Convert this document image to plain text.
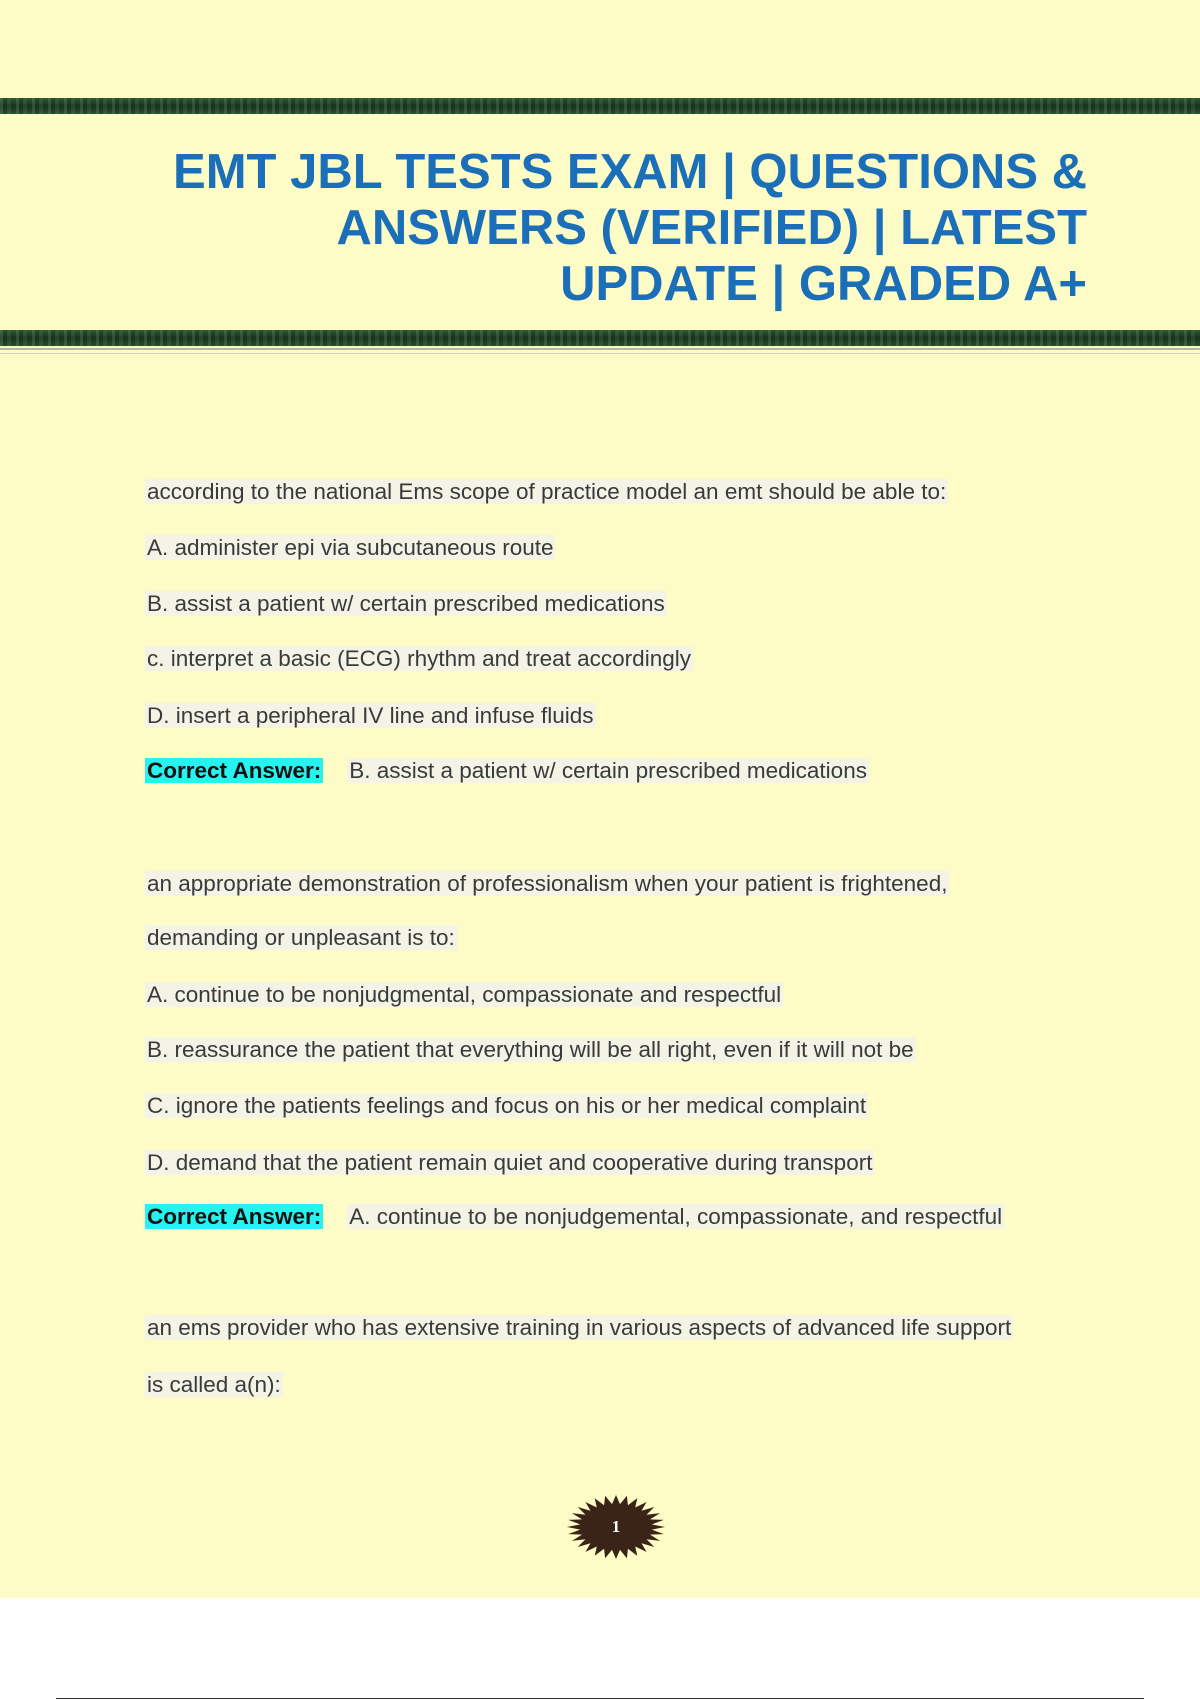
EMT JBL TESTS EXAM | QUESTIONS &
ANSWERS (VERIFIED) | LATEST
UPDATE | GRADED A+
according to the national Ems scope of practice model an emt should be able to:
A. administer epi via subcutaneous route
B. assist a patient w/ certain prescribed medications
c. interpret a basic (ECG) rhythm and treat accordingly
D. insert a peripheral IV line and infuse fluids
Correct Answer: B. assist a patient w/ certain prescribed medications
an appropriate demonstration of professionalism when your patient is frightened,
demanding or unpleasant is to:
A. continue to be nonjudgmental, compassionate and respectful
B. reassurance the patient that everything will be all right, even if it will not be
C. ignore the patients feelings and focus on his or her medical complaint
D. demand that the patient remain quiet and cooperative during transport
Correct Answer: A. continue to be nonjudgemental, compassionate, and respectful
an ems provider who has extensive training in various aspects of advanced life support
is called a(n):
1
